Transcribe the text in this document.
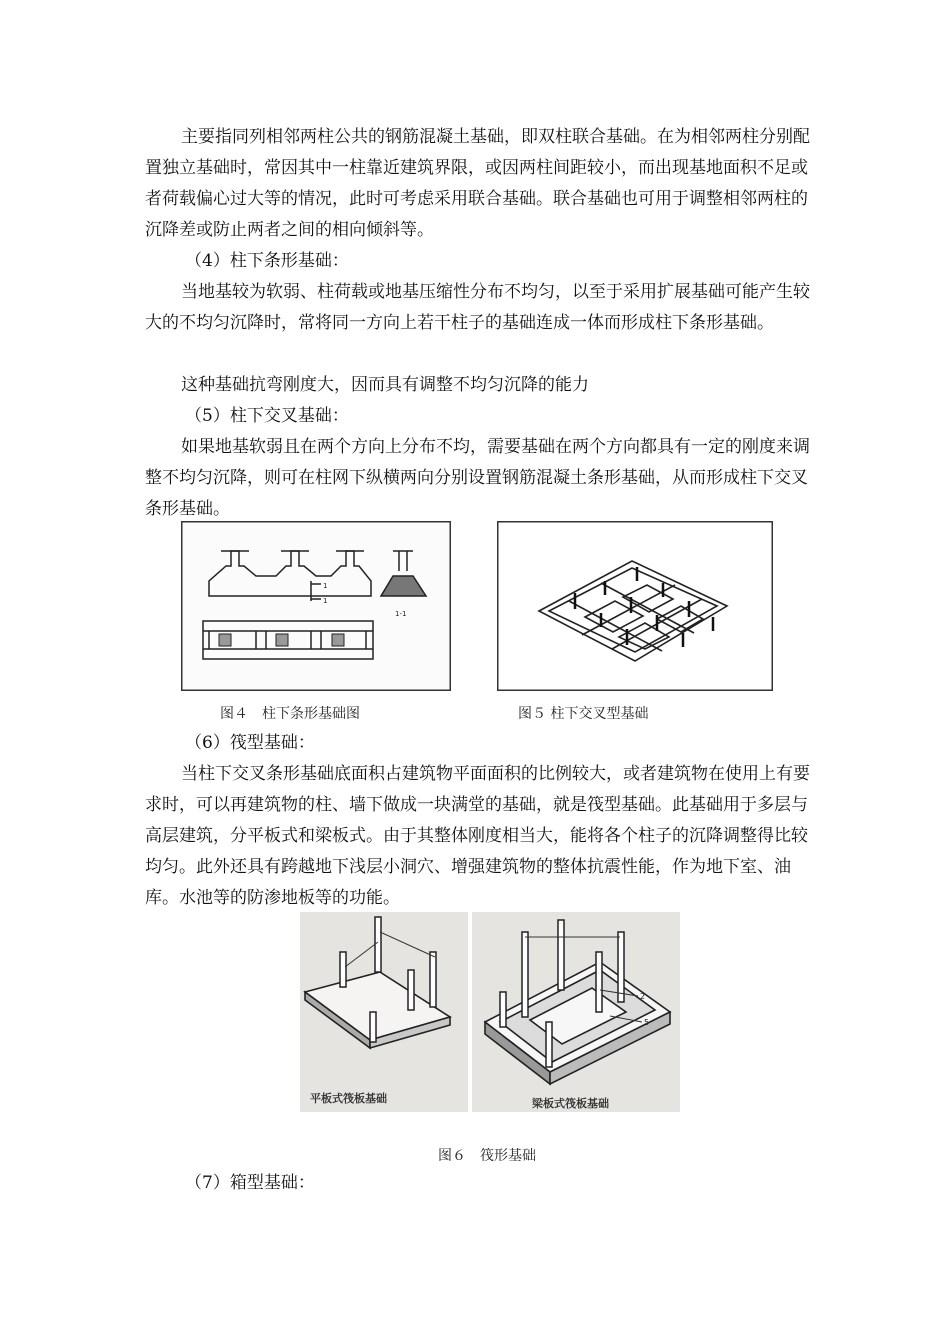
主要指同列相邻两柱公共的钢筋混凝土基础，即双柱联合基础。在为相邻两柱分别配置独立基础时，常因其中一柱靠近建筑界限，或因两柱间距较小，而出现基地面积不足或者荷载偏心过大等的情况，此时可考虑采用联合基础。联合基础也可用于调整相邻两柱的沉降差或防止两者之间的相向倾斜等。

（4）柱下条形基础：

当地基较为软弱、柱荷载或地基压缩性分布不均匀，以至于采用扩展基础可能产生较大的不均匀沉降时，常将同一方向上若干柱子的基础连成一体而形成柱下条形基础。

这种基础抗弯刚度大，因而具有调整不均匀沉降的能力

（5）柱下交叉基础：

如果地基软弱且在两个方向上分布不均，需要基础在两个方向都具有一定的刚度来调整不均匀沉降，则可在柱网下纵横两向分别设置钢筋混凝土条形基础，从而形成柱下交叉条形基础。

1
1
1-1
图４　柱下条形基础图	图５ 柱下交叉型基础

（6）筏型基础：

当柱下交叉条形基础底面积占建筑物平面面积的比例较大，或者建筑物在使用上有要求时，可以再建筑物的柱、墙下做成一块满堂的基础，就是筏型基础。此基础用于多层与高层建筑，分平板式和梁板式。由于其整体刚度相当大，能将各个柱子的沉降调整得比较均匀。此外还具有跨越地下浅层小洞穴、增强建筑物的整体抗震性能，作为地下室、油库。水池等的防渗地板等的功能。

2
5
平板式筏板基础	梁板式筏板基础
图６　筏形基础

（7）箱型基础：
